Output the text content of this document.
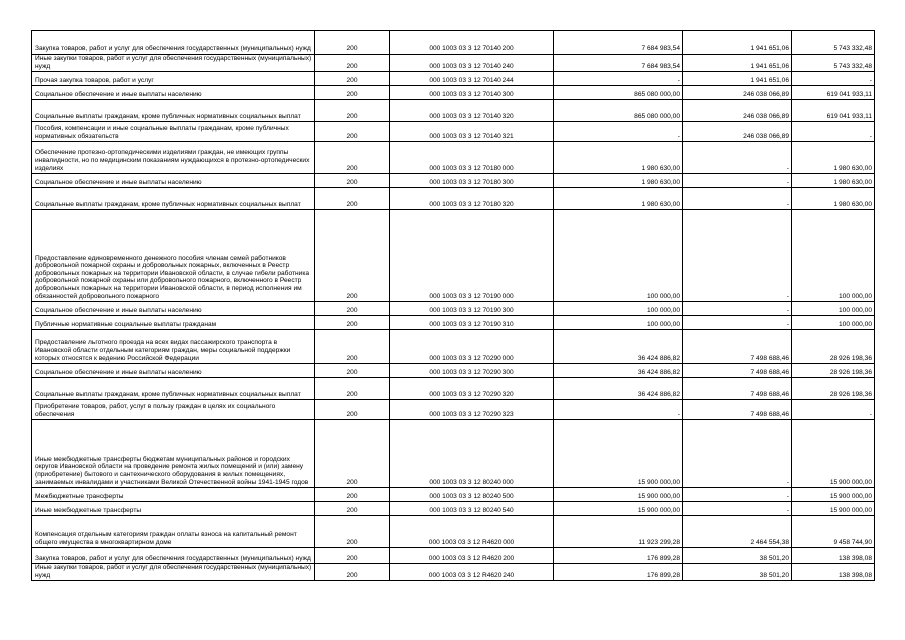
Закупка товаров, работ и услуг для обеспечения государственных (муниципальных) нужд	200	000 1003 03 3 12 70140 200	7 684 983,54	1 941 651,06	5 743 332,48
Иные закупки товаров, работ и услуг для обеспечения государственных (муниципальных) нужд	200	000 1003 03 3 12 70140 240	7 684 983,54	1 941 651,06	5 743 332,48
Прочая закупка товаров, работ и услуг	200	000 1003 03 3 12 70140 244	-	1 941 651,06	-
Социальное обеспечение и иные выплаты населению	200	000 1003 03 3 12 70140 300	865 080 000,00	246 038 066,89	619 041 933,11
Социальные выплаты гражданам, кроме публичных нормативных социальных выплат	200	000 1003 03 3 12 70140 320	865 080 000,00	246 038 066,89	619 041 933,11
Пособия, компенсации и иные социальные выплаты гражданам, кроме публичных нормативных обязательств	200	000 1003 03 3 12 70140 321	-	246 038 066,89	-
Обеспечение протезно-ортопедическими изделиями граждан, не имеющих группы инвалидности, но по медицинским показаниям нуждающихся в протезно-ортопедических изделиях	200	000 1003 03 3 12 70180 000	1 980 630,00	-	1 980 630,00
Социальное обеспечение и иные выплаты населению	200	000 1003 03 3 12 70180 300	1 980 630,00	-	1 980 630,00
Социальные выплаты гражданам, кроме публичных нормативных социальных выплат	200	000 1003 03 3 12 70180 320	1 980 630,00	-	1 980 630,00
Предоставление единовременного денежного пособия членам семей работников добровольной пожарной охраны и добровольных пожарных, включенных в Реестр добровольных пожарных на территории Ивановской области, в случае гибели работника добровольной пожарной охраны или добровольного пожарного, включенного в Реестр добровольных пожарных на территории Ивановской области, в период исполнения им обязанностей добровольного пожарного	200	000 1003 03 3 12 70190 000	100 000,00	-	100 000,00
Социальное обеспечение и иные выплаты населению	200	000 1003 03 3 12 70190 300	100 000,00	-	100 000,00
Публичные нормативные социальные выплаты гражданам	200	000 1003 03 3 12 70190 310	100 000,00	-	100 000,00
Предоставление льготного проезда на всех видах пассажирского транспорта в Ивановской области отдельным категориям граждан, меры социальной поддержки которых относятся к ведению Российской Федерации	200	000 1003 03 3 12 70290 000	36 424 886,82	7 498 688,46	28 926 198,36
Социальное обеспечение и иные выплаты населению	200	000 1003 03 3 12 70290 300	36 424 886,82	7 498 688,46	28 926 198,36
Социальные выплаты гражданам, кроме публичных нормативных социальных выплат	200	000 1003 03 3 12 70290 320	36 424 886,82	7 498 688,46	28 926 198,36
Приобретение товаров, работ, услуг в пользу граждан в целях их социального обеспечения	200	000 1003 03 3 12 70290 323	-	7 498 688,46	-
Иные межбюджетные трансферты бюджетам муниципальных районов и городских округов Ивановской области на проведение ремонта жилых помещений и (или) замену (приобретение) бытового и сантехнического оборудования в жилых помещениях, занимаемых инвалидами и участниками Великой Отечественной войны 1941-1945 годов	200	000 1003 03 3 12 80240 000	15 900 000,00	-	15 900 000,00
Межбюджетные трансферты	200	000 1003 03 3 12 80240 500	15 900 000,00	-	15 900 000,00
Иные межбюджетные трансферты	200	000 1003 03 3 12 80240 540	15 900 000,00	-	15 900 000,00
Компенсация отдельным категориям граждан оплаты взноса на капитальный ремонт общего имущества в многоквартирном доме	200	000 1003 03 3 12 R4620 000	11 923 299,28	2 464 554,38	9 458 744,90
Закупка товаров, работ и услуг для обеспечения государственных (муниципальных) нужд	200	000 1003 03 3 12 R4620 200	176 899,28	38 501,20	138 398,08
Иные закупки товаров, работ и услуг для обеспечения государственных (муниципальных) нужд	200	000 1003 03 3 12 R4620 240	176 899,28	38 501,20	138 398,08
